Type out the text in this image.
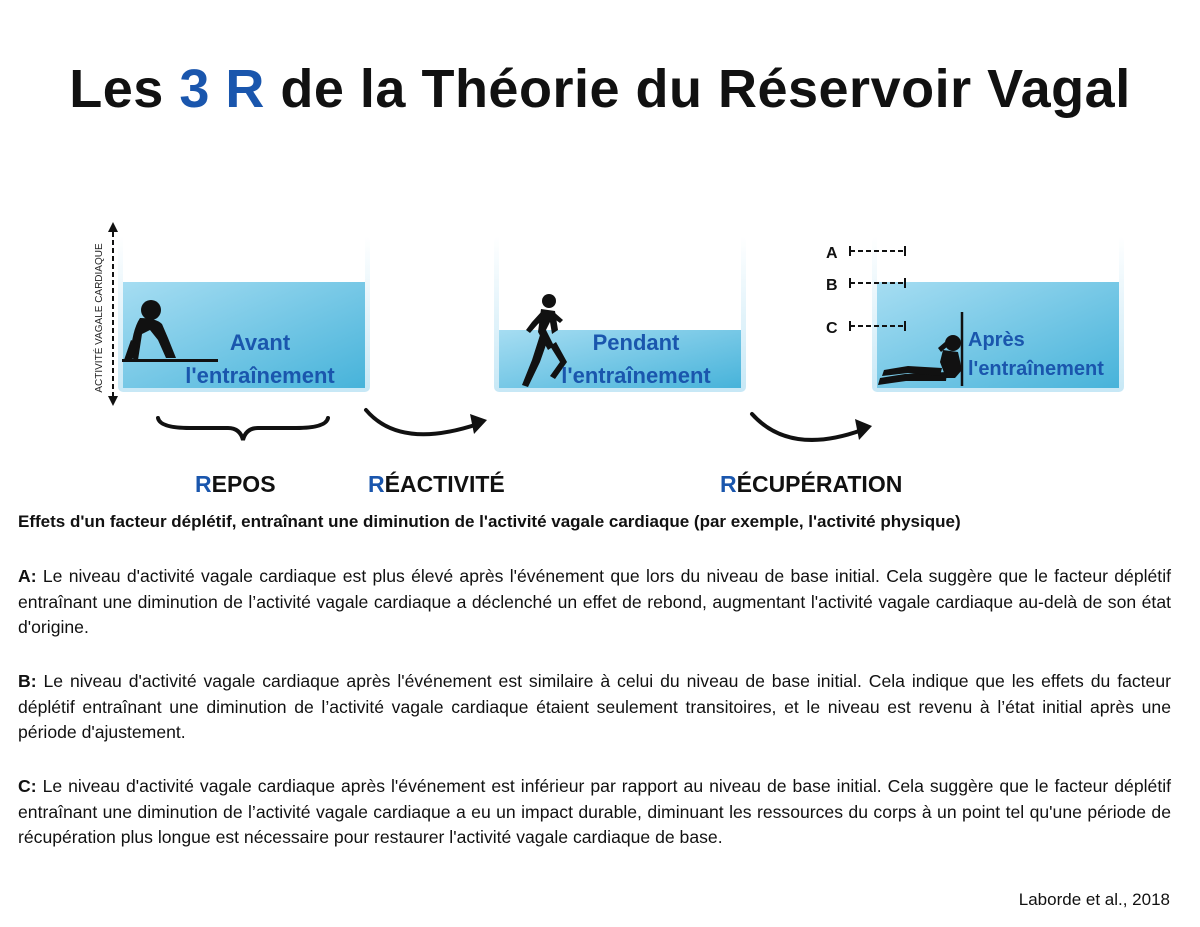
Les 3 R de la Théorie du Réservoir Vagal
ACTIVITÉ VAGALE CARDIAQUE	Avant
l'entraînement
Pendant
l'entraînement
Après
l'entraînement
A
B
C
REPOS	RÉACTIVITÉ	RÉCUPÉRATION
Effets d'un facteur déplétif, entraînant une diminution de l'activité vagale cardiaque (par exemple, l'activité physique)
A: Le niveau d'activité vagale cardiaque est plus élevé après l'événement que lors du niveau de base initial. Cela suggère que le facteur déplétif entraînant une diminution de l’activité vagale cardiaque a déclenché un effet de rebond, augmentant l'activité vagale cardiaque au-delà de son état d'origine.
B: Le niveau d'activité vagale cardiaque après l'événement est similaire à celui du niveau de base initial. Cela indique que les effets du facteur déplétif entraînant une diminution de l’activité vagale cardiaque étaient seulement transitoires, et le niveau est revenu à l’état initial après une période d'ajustement.
C: Le niveau d'activité vagale cardiaque après l'événement est inférieur par rapport au niveau de base initial. Cela suggère que le facteur déplétif entraînant une diminution de l’activité vagale cardiaque a eu un impact durable, diminuant les ressources du corps à un point tel qu'une période de récupération plus longue est nécessaire pour restaurer l'activité vagale cardiaque de base.
Laborde et al., 2018
